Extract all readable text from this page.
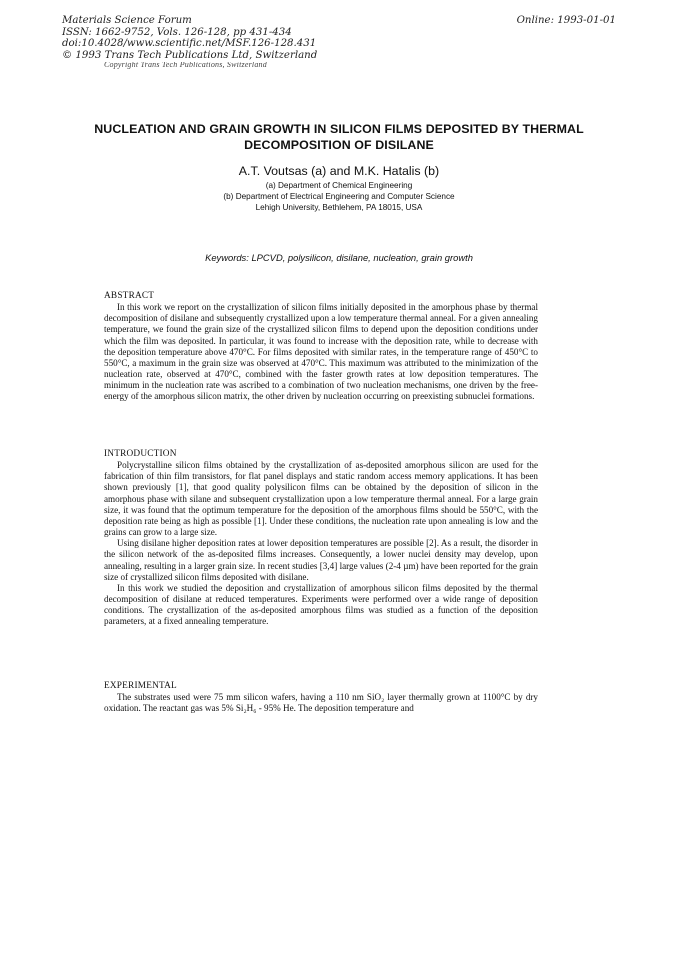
Materials Science Forum
ISSN: 1662-9752, Vols. 126-128, pp 431-434
doi:10.4028/www.scientific.net/MSF.126-128.431
© 1993 Trans Tech Publications Ltd, Switzerland
Online: 1993-01-01
Copyright Trans Tech Publications, Switzerland
NUCLEATION AND GRAIN GROWTH IN SILICON FILMS DEPOSITED BY THERMAL DECOMPOSITION OF DISILANE
A.T. Voutsas (a) and M.K. Hatalis (b)
(a) Department of Chemical Engineering
(b) Department of Electrical Engineering and Computer Science
Lehigh University, Bethlehem, PA 18015, USA
Keywords: LPCVD, polysilicon, disilane, nucleation, grain growth
ABSTRACT

In this work we report on the crystallization of silicon films initially deposited in the amorphous phase by thermal decomposition of disilane and subsequently crystallized upon a low temperature thermal anneal. For a given annealing temperature, we found the grain size of the crystallized silicon films to depend upon the deposition conditions under which the film was deposited. In particular, it was found to increase with the deposition rate, while to decrease with the deposition temperature above 470°C. For films deposited with similar rates, in the temperature range of 450°C to 550°C, a maximum in the grain size was observed at 470°C. This maximum was attributed to the minimization of the nucleation rate, observed at 470°C, combined with the faster growth rates at low deposition temperatures. The minimum in the nucleation rate was ascribed to a combination of two nucleation mechanisms, one driven by the free-energy of the amorphous silicon matrix, the other driven by nucleation occurring on preexisting subnuclei formations.

INTRODUCTION

Polycrystalline silicon films obtained by the crystallization of as-deposited amorphous silicon are used for the fabrication of thin film transistors, for flat panel displays and static random access memory applications. It has been shown previously [1], that good quality polysilicon films can be obtained by the deposition of silicon in the amorphous phase with silane and subsequent crystallization upon a low temperature thermal anneal. For a large grain size, it was found that the optimum temperature for the deposition of the amorphous films should be 550°C, with the deposition rate being as high as possible [1]. Under these conditions, the nucleation rate upon annealing is low and the grains can grow to a large size.

Using disilane higher deposition rates at lower deposition temperatures are possible [2]. As a result, the disorder in the silicon network of the as-deposited films increases. Consequently, a lower nuclei density may develop, upon annealing, resulting in a larger grain size. In recent studies [3,4] large values (2-4 µm) have been reported for the grain size of crystallized silicon films deposited with disilane.

In this work we studied the deposition and crystallization of amorphous silicon films deposited by the thermal decomposition of disilane at reduced temperatures. Experiments were performed over a wide range of deposition conditions. The crystallization of the as-deposited amorphous films was studied as a function of the deposition parameters, at a fixed annealing temperature.

EXPERIMENTAL

The substrates used were 75 mm silicon wafers, having a 110 nm SiO₂ layer thermally grown at 1100°C by dry oxidation. The reactant gas was 5% Si₂H₆ - 95% He. The deposition temperature and
